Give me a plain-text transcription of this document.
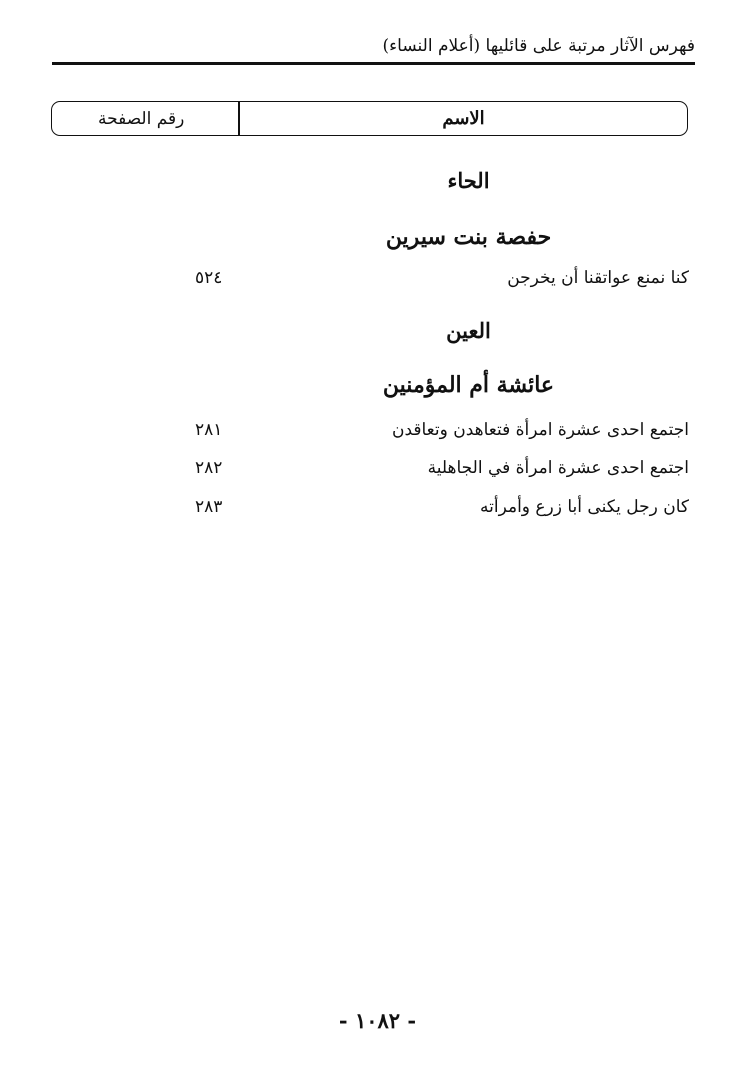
فهرس الآثار مرتبة على قائليها (أعلام النساء)
الاسم
رقم الصفحة
الحاء
حفصة بنت سيرين
كنا نمنع عواتقنا أن يخرجن
٥٢٤
العين
عائشة أم المؤمنين
اجتمع احدى عشرة امرأة فتعاهدن وتعاقدن
٢٨١
اجتمع احدى عشرة امرأة في الجاهلية
٢٨٢
كان رجل يكنى أبا زرع وأمرأته
٢٨٣
- ١٠٨٢ -
